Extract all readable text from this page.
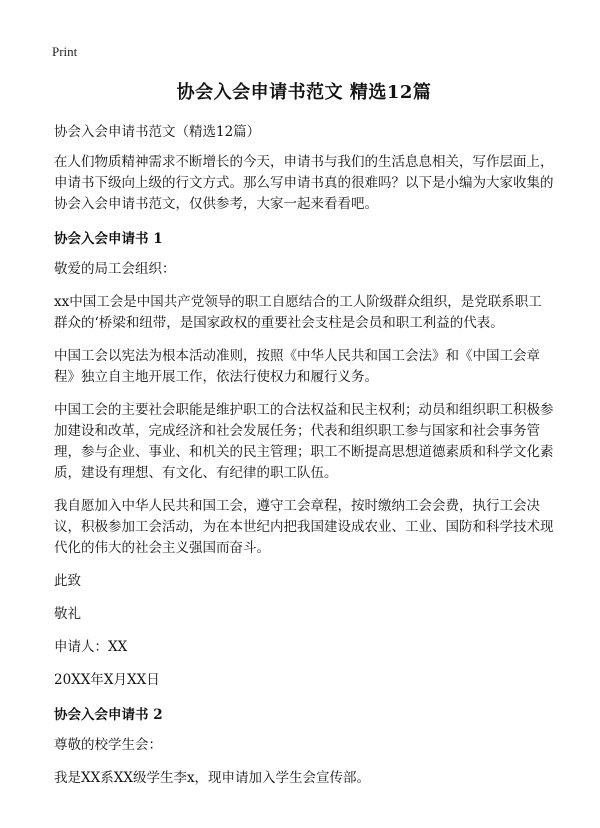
Print
协会入会申请书范文 精选12篇
协会入会申请书范文（精选12篇）

在人们物质精神需求不断增长的今天，申请书与我们的生活息息相关，写作层面上，申请书下级向上级的行文方式。那么写申请书真的很难吗？以下是小编为大家收集的协会入会申请书范文，仅供参考，大家一起来看看吧。

协会入会申请书 1

敬爱的局工会组织：

xx中国工会是中国共产党领导的职工自愿结合的工人阶级群众组织，是党联系职工群众的‘桥梁和纽带，是国家政权的重要社会支柱是会员和职工利益的代表。

中国工会以宪法为根本活动准则，按照《中华人民共和国工会法》和《中国工会章程》独立自主地开展工作，依法行使权力和履行义务。

中国工会的主要社会职能是维护职工的合法权益和民主权利；动员和组织职工积极参加建设和改革，完成经济和社会发展任务；代表和组织职工参与国家和社会事务管理，参与企业、事业、和机关的民主管理；职工不断提高思想道德素质和科学文化素质，建设有理想、有文化、有纪律的职工队伍。

我自愿加入中华人民共和国工会，遵守工会章程，按时缴纳工会会费，执行工会决议，积极参加工会活动，为在本世纪内把我国建设成农业、工业、国防和科学技术现代化的伟大的社会主义强国而奋斗。

此致

敬礼

申请人：XX

20XX年X月XX日

协会入会申请书 2

尊敬的校学生会：

我是XX系XX级学生李x，现申请加入学生会宣传部。
